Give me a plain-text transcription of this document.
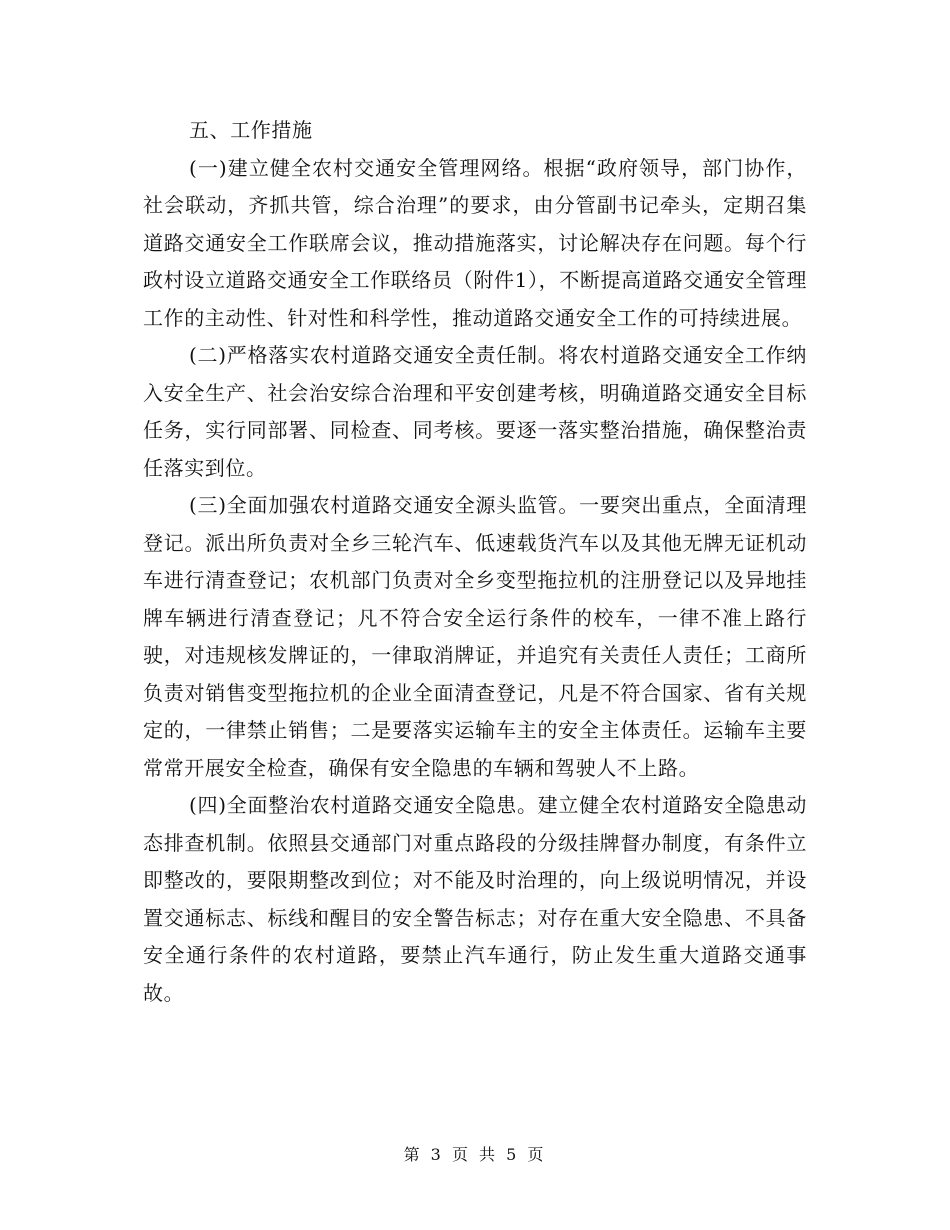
五、工作措施

(一)建立健全农村交通安全管理网络。根据“政府领导，部门协作，社会联动，齐抓共管，综合治理”的要求，由分管副书记牵头，定期召集道路交通安全工作联席会议，推动措施落实，讨论解决存在问题。每个行政村设立道路交通安全工作联络员（附件1），不断提高道路交通安全管理工作的主动性、针对性和科学性，推动道路交通安全工作的可持续进展。

(二)严格落实农村道路交通安全责任制。将农村道路交通安全工作纳入安全生产、社会治安综合治理和平安创建考核，明确道路交通安全目标任务，实行同部署、同检查、同考核。要逐一落实整治措施，确保整治责任落实到位。

(三)全面加强农村道路交通安全源头监管。一要突出重点，全面清理登记。派出所负责对全乡三轮汽车、低速载货汽车以及其他无牌无证机动车进行清查登记；农机部门负责对全乡变型拖拉机的注册登记以及异地挂牌车辆进行清查登记；凡不符合安全运行条件的校车，一律不准上路行驶，对违规核发牌证的，一律取消牌证，并追究有关责任人责任；工商所负责对销售变型拖拉机的企业全面清查登记，凡是不符合国家、省有关规定的，一律禁止销售；二是要落实运输车主的安全主体责任。运输车主要常常开展安全检查，确保有安全隐患的车辆和驾驶人不上路。

(四)全面整治农村道路交通安全隐患。建立健全农村道路安全隐患动态排查机制。依照县交通部门对重点路段的分级挂牌督办制度，有条件立即整改的，要限期整改到位；对不能及时治理的，向上级说明情况，并设置交通标志、标线和醒目的安全警告标志；对存在重大安全隐患、不具备安全通行条件的农村道路，要禁止汽车通行，防止发生重大道路交通事故。

第 3 页 共 5 页
